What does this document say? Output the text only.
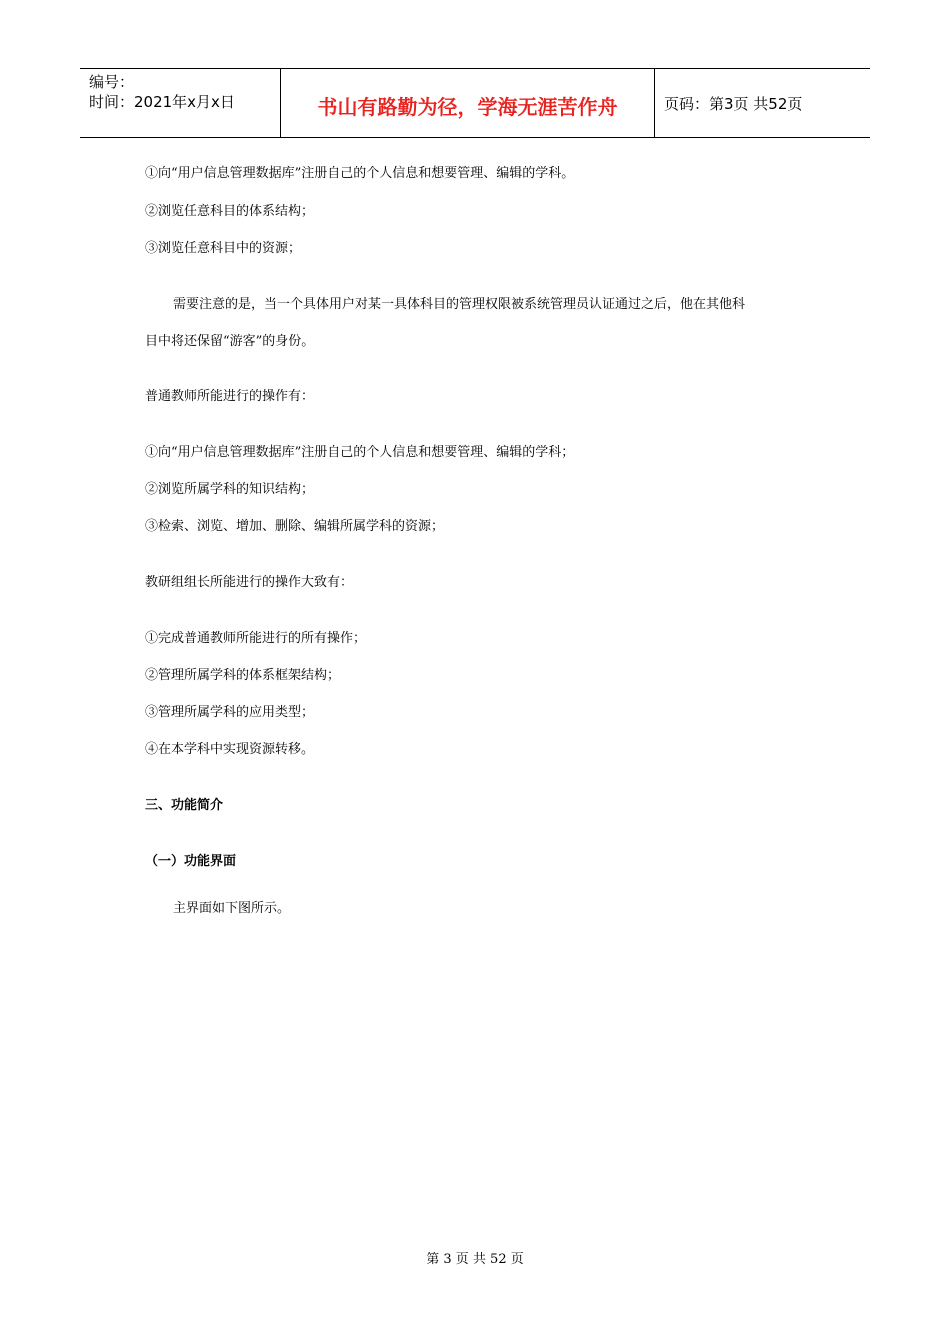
编号：
时间：2021年x月x日	书山有路勤为径，学海无涯苦作舟	页码：第3页 共52页
①向“用户信息管理数据库”注册自己的个人信息和想要管理、编辑的学科。
②浏览任意科目的体系结构；
③浏览任意科目中的资源；
需要注意的是，当一个具体用户对某一具体科目的管理权限被系统管理员认证通过之后，他在其他科
目中将还保留“游客”的身份。
普通教师所能进行的操作有：
①向“用户信息管理数据库”注册自己的个人信息和想要管理、编辑的学科；
②浏览所属学科的知识结构；
③检索、浏览、增加、删除、编辑所属学科的资源；
教研组组长所能进行的操作大致有：
①完成普通教师所能进行的所有操作；
②管理所属学科的体系框架结构；
③管理所属学科的应用类型；
④在本学科中实现资源转移。
三、功能简介
（一）功能界面
主界面如下图所示。
第 3 页 共 52 页
